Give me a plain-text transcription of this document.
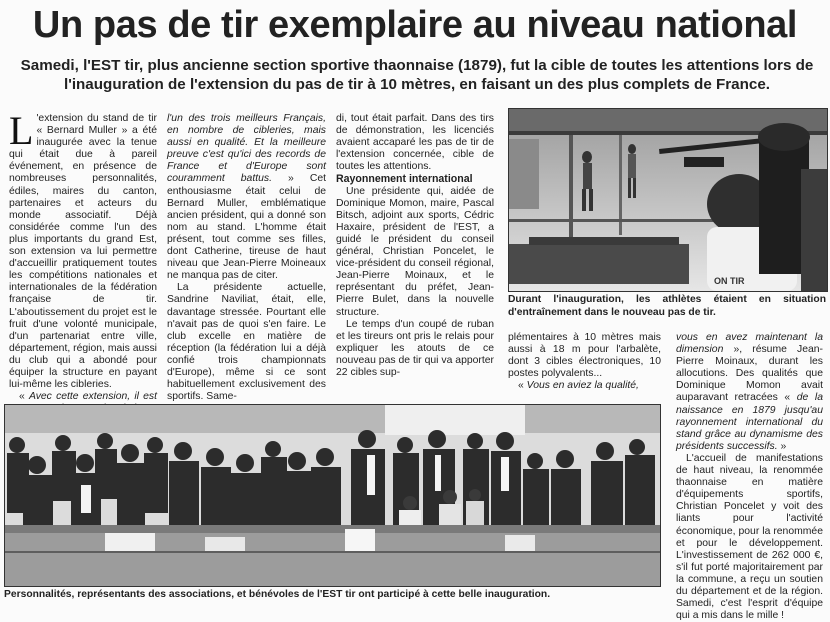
Un pas de tir exemplaire au niveau national
Samedi, l'EST tir, plus ancienne section sportive thaonnaise (1879), fut la cible de toutes les attentions lors de l'inauguration de l'extension du pas de tir à 10 mètres, en faisant un des plus complets de France.

L 'extension du stand de tir « Bernard Muller » a été inaugurée avec la tenue qui était due à pareil événement, en présence de nombreuses personnalités, édiles, maires du canton, partenaires et acteurs du monde associatif. Déjà considérée comme l'un des plus importants du grand Est, son extension va lui permettre d'accueillir pratiquement toutes les compétitions nationales et internationales de la fédération française de tir. L'aboutissement du projet est le fruit d'une volonté municipale, d'un partenariat entre ville, département, région, mais aussi du club qui a abondé pour équiper la structure en payant lui-même les cibleries.

« Avec cette extension, il est

l'un des trois meilleurs Français, en nombre de cibleries, mais aussi en qualité. Et la meilleure preuve c'est qu'ici des records de France et d'Europe sont couramment battus. » Cet enthousiasme était celui de Bernard Muller, emblématique ancien président, qui a donné son nom au stand. L'homme était présent, tout comme ses filles, dont Catherine, tireuse de haut niveau que Jean-Pierre Moineaux ne manqua pas de citer.

La présidente actuelle, Sandrine Naviliat, était, elle, davantage stressée. Pourtant elle n'avait pas de quoi s'en faire. Le club excelle en matière de réception (la fédération lui a déjà confié trois championnats d'Europe), même si ce sont habituellement exclusivement des sportifs. Same-

di, tout était parfait. Dans des tirs de démonstration, les licenciés avaient accaparé les pas de tir de l'extension concernée, cible de toutes les attentions.

Rayonnement international

Une présidente qui, aidée de Dominique Momon, maire, Pascal Bitsch, adjoint aux sports, Cédric Haxaire, président de l'EST, a guidé le président du conseil général, Christian Poncelet, le vice-président du conseil régional, Jean-Pierre Moinaux, et le représentant du préfet, Jean-Pierre Bulet, dans la nouvelle structure.

Le temps d'un coupé de ruban et les tireurs ont pris le relais pour expliquer les atouts de ce nouveau pas de tir qui va apporter 22 cibles sup-

ON TIR
Durant l'inauguration, les athlètes étaient en situation d'entraînement dans le nouveau pas de tir.

plémentaires à 10 mètres mais aussi à 18 m pour l'arbalète, dont 3 cibles électroniques, 10 postes polyvalents...

« Vous en aviez la qualité,

vous en avez maintenant la dimension », résume Jean-Pierre Moinaux, durant les allocutions. Des qualités que Dominique Momon avait auparavant retracées « de la naissance en 1879 jusqu'au rayonnement international du stand grâce au dynamisme des présidents successifs. »

L'accueil de manifestations de haut niveau, la renommée thaonnaise en matière d'équipements sportifs, Christian Poncelet y voit des liants pour l'activité économique, pour la renommée et pour le développement. L'investissement de 262 000 €, s'il fut porté majoritairement par la commune, a reçu un soutien du département et de la région. Samedi, c'est l'esprit d'équipe qui a mis dans le mille !

Personnalités, représentants des associations, et bénévoles de l'EST tir ont participé à cette belle inauguration.
